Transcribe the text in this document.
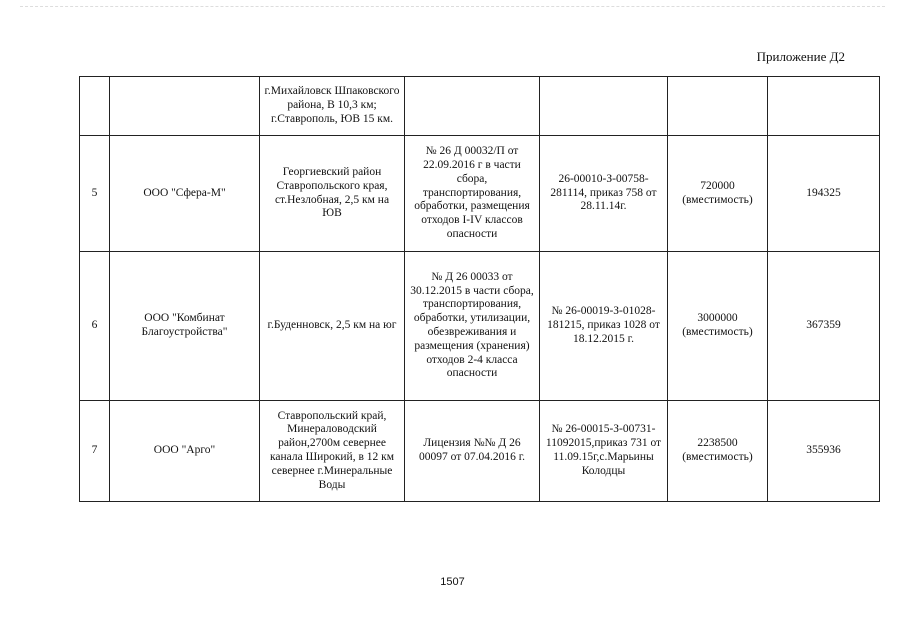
Приложение Д2
		г.Михайловск Шпаковского района, В 10,3 км; г.Ставрополь, ЮВ 15 км.				
5	ООО "Сфера-М"	Георгиевский район Ставропольского края, ст.Незлобная, 2,5 км на ЮВ	№ 26 Д 00032/П от 22.09.2016 г в части сбора, транспортирования, обработки, размещения отходов I-IV классов опасности	26-00010-З-00758-281114, приказ 758 от 28.11.14г.	720000 (вместимость)	194325
6	ООО "Комбинат Благоустройства"	г.Буденновск, 2,5 км на юг	№ Д 26 00033 от 30.12.2015 в части сбора, транспортирования, обработки, утилизации, обезвреживания и размещения (хранения) отходов 2-4 класса опасности	№ 26-00019-З-01028-181215, приказ 1028 от 18.12.2015 г.	3000000 (вместимость)	367359
7	ООО "Арго"	Ставропольский край, Минераловодский район,2700м севернее канала Широкий, в 12 км севернее г.Минеральные Воды	Лицензия №№ Д 26 00097 от 07.04.2016 г.	№ 26-00015-З-00731-11092015,приказ 731 от 11.09.15г,с.Марьины Колодцы	2238500 (вместимость)	355936
1507
